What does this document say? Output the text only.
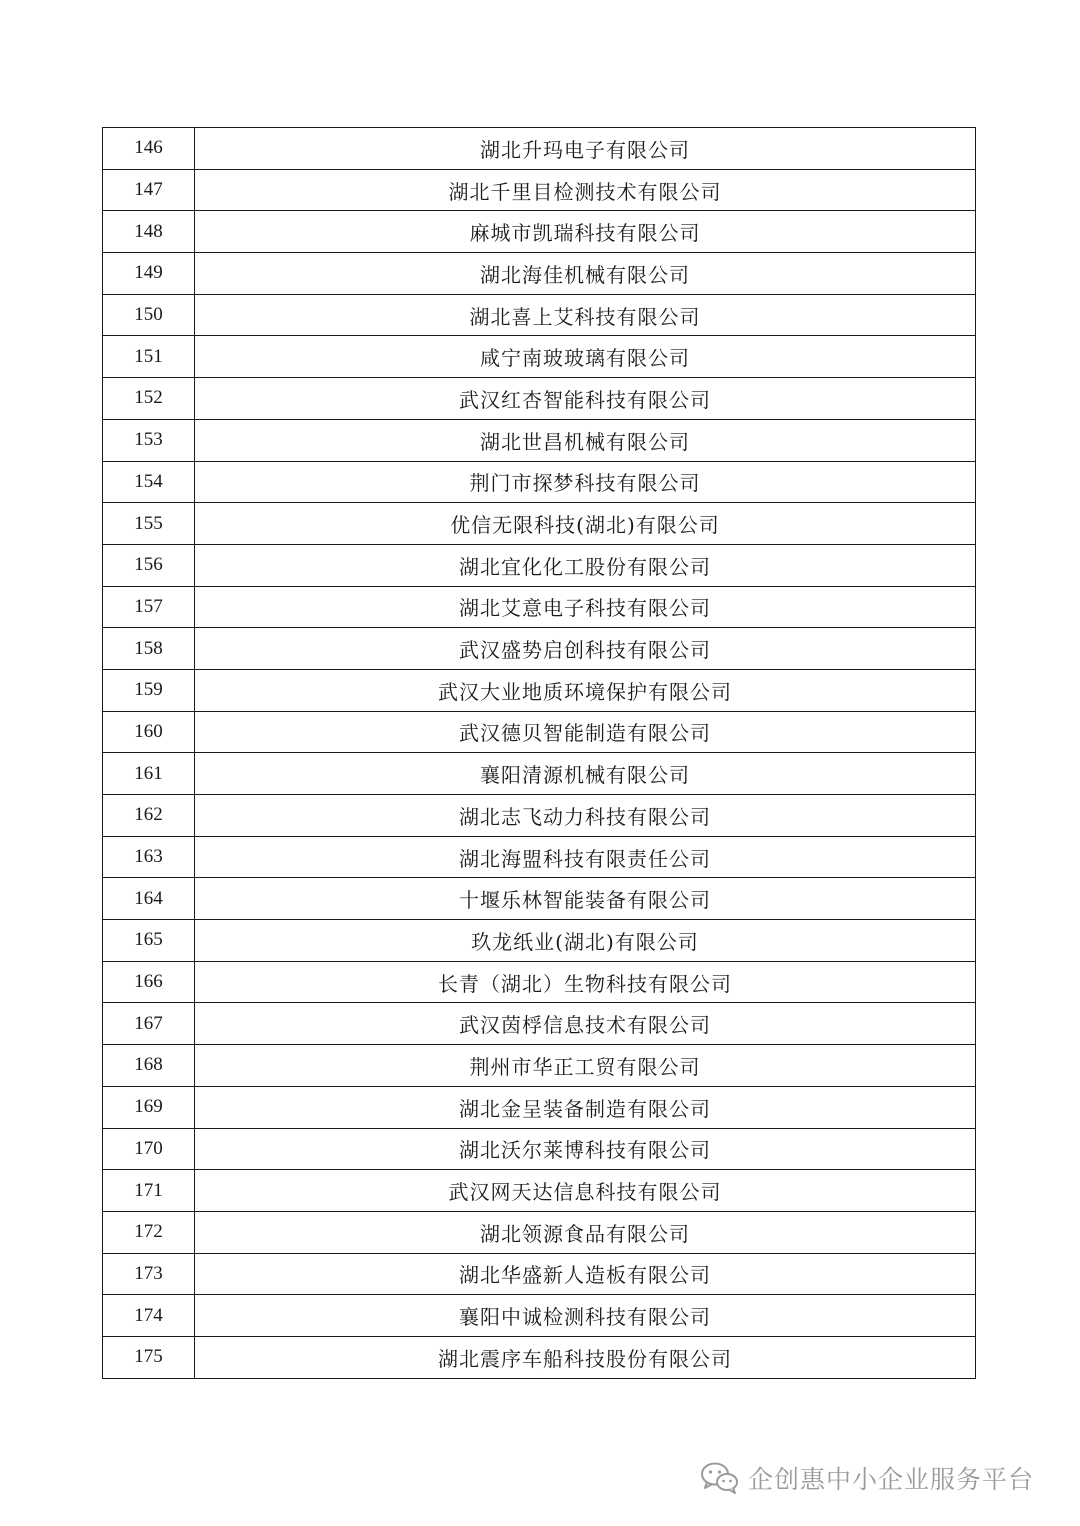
146	湖北升玛电子有限公司
147	湖北千里目检测技术有限公司
148	麻城市凯瑞科技有限公司
149	湖北海佳机械有限公司
150	湖北喜上艾科技有限公司
151	咸宁南玻玻璃有限公司
152	武汉红杏智能科技有限公司
153	湖北世昌机械有限公司
154	荆门市探梦科技有限公司
155	优信无限科技(湖北)有限公司
156	湖北宜化化工股份有限公司
157	湖北艾意电子科技有限公司
158	武汉盛势启创科技有限公司
159	武汉大业地质环境保护有限公司
160	武汉德贝智能制造有限公司
161	襄阳清源机械有限公司
162	湖北志飞动力科技有限公司
163	湖北海盟科技有限责任公司
164	十堰乐林智能装备有限公司
165	玖龙纸业(湖北)有限公司
166	长青（湖北）生物科技有限公司
167	武汉茵桴信息技术有限公司
168	荆州市华正工贸有限公司
169	湖北金呈装备制造有限公司
170	湖北沃尔莱博科技有限公司
171	武汉网天达信息科技有限公司
172	湖北领源食品有限公司
173	湖北华盛新人造板有限公司
174	襄阳中诚检测科技有限公司
175	湖北震序车船科技股份有限公司
企创惠中小企业服务平台
